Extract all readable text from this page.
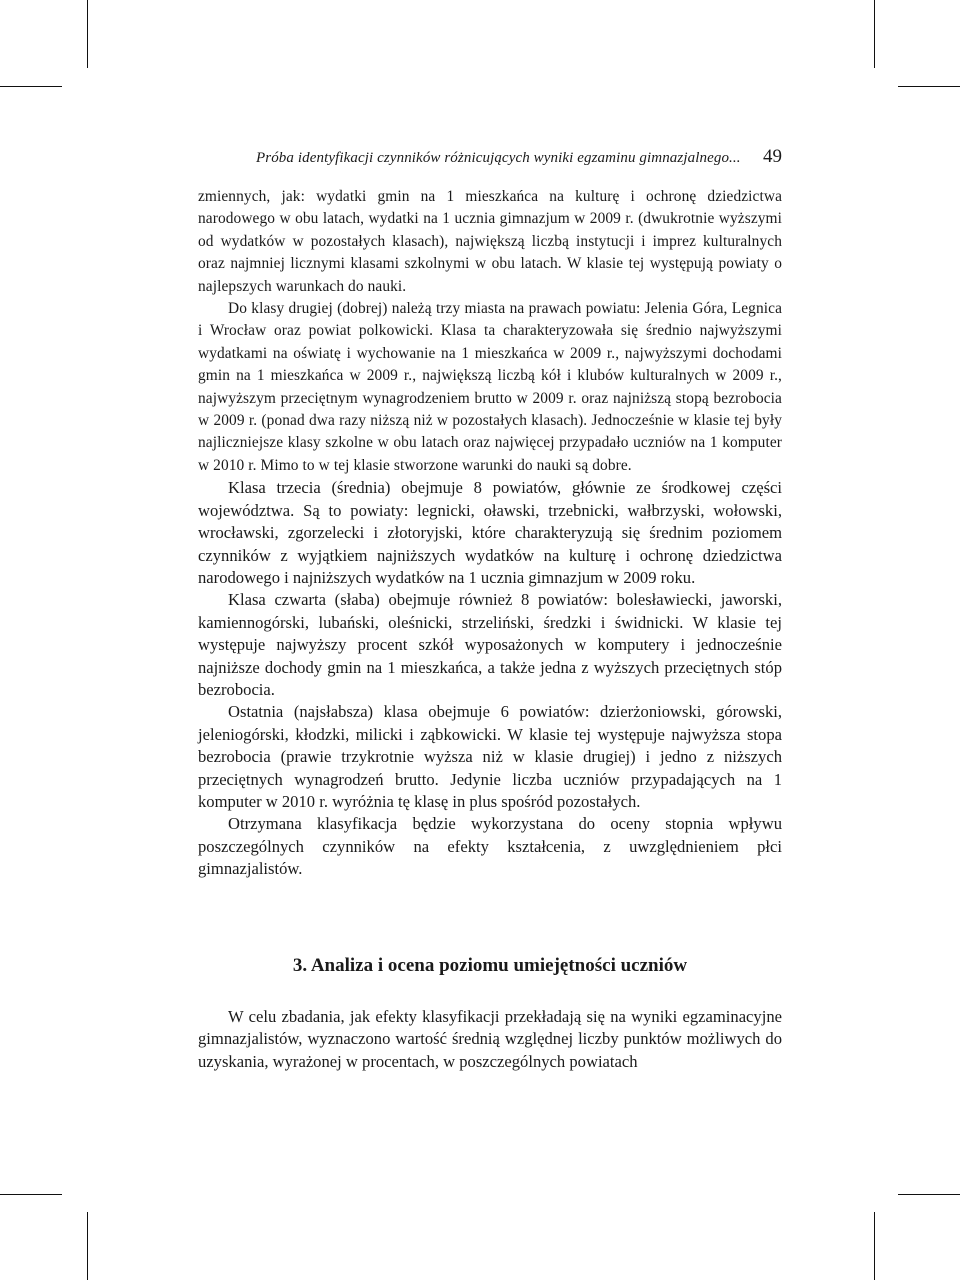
Próba identyfikacji czynników różnicujących wyniki egzaminu gimnazjalnego... 49

zmiennych, jak: wydatki gmin na 1 mieszkańca na kulturę i ochronę dziedzictwa narodowego w obu latach, wydatki na 1 ucznia gimnazjum w 2009 r. (dwukrotnie wyższymi od wydatków w pozostałych klasach), największą liczbą instytucji i imprez kulturalnych oraz najmniej licznymi klasami szkolnymi w obu latach. W klasie tej występują powiaty o najlepszych warunkach do nauki.

Do klasy drugiej (dobrej) należą trzy miasta na prawach powiatu: Jelenia Góra, Legnica i Wrocław oraz powiat polkowicki. Klasa ta charakteryzowała się średnio najwyższymi wydatkami na oświatę i wychowanie na 1 mieszkańca w 2009 r., najwyższymi dochodami gmin na 1 mieszkańca w 2009 r., największą liczbą kół i klubów kulturalnych w 2009 r., najwyższym przeciętnym wynagrodzeniem brutto w 2009 r. oraz najniższą stopą bezrobocia w 2009 r. (ponad dwa razy niższą niż w pozostałych klasach). Jednocześnie w klasie tej były najliczniejsze klasy szkolne w obu latach oraz najwięcej przypadało uczniów na 1 komputer w 2010 r. Mimo to w tej klasie stworzone warunki do nauki są dobre.

Klasa trzecia (średnia) obejmuje 8 powiatów, głównie ze środkowej części województwa. Są to powiaty: legnicki, oławski, trzebnicki, wałbrzyski, wołowski, wrocławski, zgorzelecki i złotoryjski, które charakteryzują się średnim poziomem czynników z wyjątkiem najniższych wydatków na kulturę i ochronę dziedzictwa narodowego i najniższych wydatków na 1 ucznia gimnazjum w 2009 roku.

Klasa czwarta (słaba) obejmuje również 8 powiatów: bolesławiecki, jaworski, kamiennogórski, lubański, oleśnicki, strzeliński, średzki i świdnicki. W klasie tej występuje najwyższy procent szkół wyposażonych w komputery i jednocześnie najniższe dochody gmin na 1 mieszkańca, a także jedna z wyższych przeciętnych stóp bezrobocia.

Ostatnia (najsłabsza) klasa obejmuje 6 powiatów: dzierżoniowski, górowski, jeleniogórski, kłodzki, milicki i ząbkowicki. W klasie tej występuje najwyższa stopa bezrobocia (prawie trzykrotnie wyższa niż w klasie drugiej) i jedno z niższych przeciętnych wynagrodzeń brutto. Jedynie liczba uczniów przypadających na 1 komputer w 2010 r. wyróżnia tę klasę in plus spośród pozostałych.

Otrzymana klasyfikacja będzie wykorzystana do oceny stopnia wpływu poszczególnych czynników na efekty kształcenia, z uwzględnieniem płci gimnazjalistów.

3. Analiza i ocena poziomu umiejętności uczniów

W celu zbadania, jak efekty klasyfikacji przekładają się na wyniki egzaminacyjne gimnazjalistów, wyznaczono wartość średnią względnej liczby punktów możliwych do uzyskania, wyrażonej w procentach, w poszczególnych powiatach
